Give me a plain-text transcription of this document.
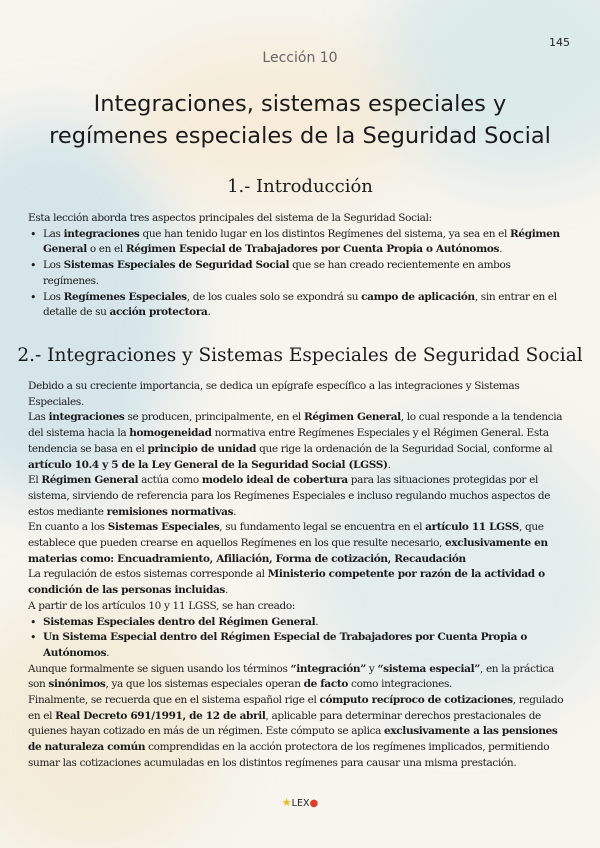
145
Lección 10
Integraciones, sistemas especiales y
regímenes especiales de la Seguridad Social
1.- Introducción

Esta lección aborda tres aspectos principales del sistema de la Seguridad Social:

• Las integraciones que han tenido lugar en los distintos Regímenes del sistema, ya sea en el Régimen General o en el Régimen Especial de Trabajadores por Cuenta Propia o Autónomos.
• Los Sistemas Especiales de Seguridad Social que se han creado recientemente en ambos regímenes.
• Los Regímenes Especiales, de los cuales solo se expondrá su campo de aplicación, sin entrar en el detalle de su acción protectora.
2.- Integraciones y Sistemas Especiales de Seguridad Social

Debido a su creciente importancia, se dedica un epígrafe específico a las integraciones y Sistemas Especiales.

Las integraciones se producen, principalmente, en el Régimen General, lo cual responde a la tendencia del sistema hacia la homogeneidad normativa entre Regímenes Especiales y el Régimen General. Esta tendencia se basa en el principio de unidad que rige la ordenación de la Seguridad Social, conforme al artículo 10.4 y 5 de la Ley General de la Seguridad Social (LGSS).

El Régimen General actúa como modelo ideal de cobertura para las situaciones protegidas por el sistema, sirviendo de referencia para los Regímenes Especiales e incluso regulando muchos aspectos de estos mediante remisiones normativas.

En cuanto a los Sistemas Especiales, su fundamento legal se encuentra en el artículo 11 LGSS, que establece que pueden crearse en aquellos Regímenes en los que resulte necesario, exclusivamente en materias como: Encuadramiento, Afiliación, Forma de cotización, Recaudación

La regulación de estos sistemas corresponde al Ministerio competente por razón de la actividad o condición de las personas incluidas.

A partir de los artículos 10 y 11 LGSS, se han creado:

• Sistemas Especiales dentro del Régimen General.
• Un Sistema Especial dentro del Régimen Especial de Trabajadores por Cuenta Propia o Autónomos.

Aunque formalmente se siguen usando los términos “integración” y “sistema especial”, en la práctica son sinónimos, ya que los sistemas especiales operan de facto como integraciones.

Finalmente, se recuerda que en el sistema español rige el cómputo recíproco de cotizaciones, regulado en el Real Decreto 691/1991, de 12 de abril, aplicable para determinar derechos prestacionales de quienes hayan cotizado en más de un régimen. Este cómputo se aplica exclusivamente a las pensiones de naturaleza común comprendidas en la acción protectora de los regímenes implicados, permitiendo sumar las cotizaciones acumuladas en los distintos regímenes para causar una misma prestación.

★LEX●
